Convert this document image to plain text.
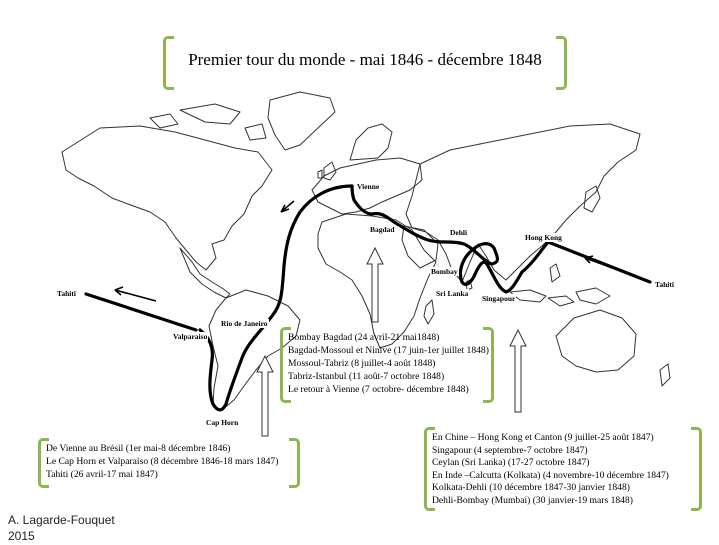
Vienne
Bagdad	Dehli
Hong Kong
Tahiti
Bombay
Sri Lanka
Singapour
Tahiti
Valparaiso
Rio de Janeiro
Cap Horn
Premier tour du monde - mai 1846 - décembre 1848
Bombay Bagdad (24 avril-21 mai1848)
Bagdad-Mossoul et Ninive (17 juin-1er juillet 1848)
Mossoul-Tabriz (8 juillet-4 août 1848)
Tabriz-Istanbul (11 août-7 octobre 1848)
Le retour à Vienne (7 octobre- décembre 1848)
De Vienne au Brésil (1er mai-8 décembre 1846)
Le Cap Horn et Valparaiso (8 décembre 1846-18 mars 1847)
Tahiti (26 avril-17 mai 1847)
En Chine – Hong Kong et Canton (9 juillet-25 août 1847)
Singapour (4 septembre-7 octobre 1847)
Ceylan (Sri Lanka) (17-27 octobre 1847)
En Inde –Calcutta (Kolkata) (4 novembre-10 décembre 1847)
Kolkata-Dehli (10 décembre 1847-30 janvier 1848)
Dehli-Bombay (Mumbai) (30 janvier-19 mars 1848)
A. Lagarde-Fouquet
2015
